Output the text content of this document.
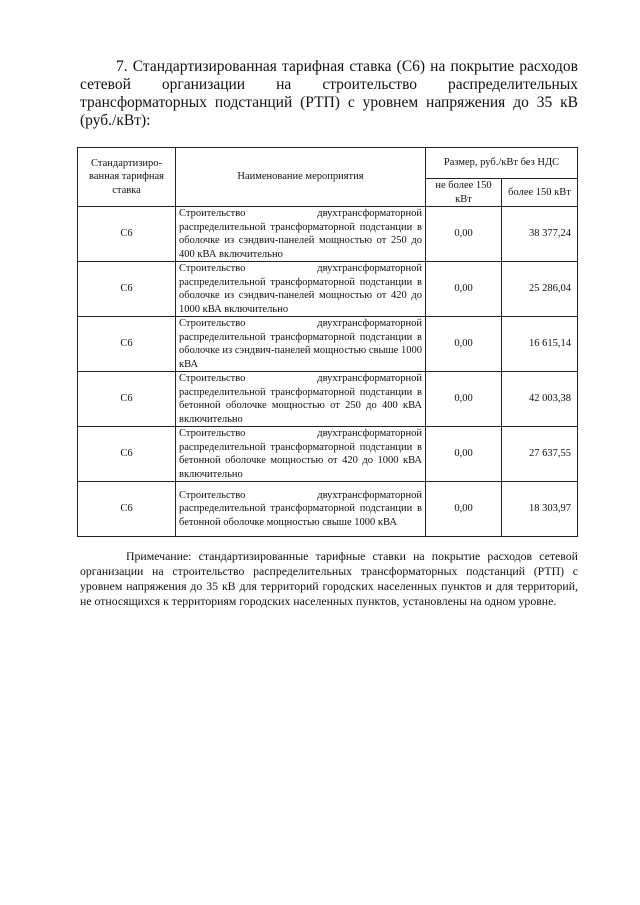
7. Стандартизированная тарифная ставка (С6) на покрытие расходов сетевой организации на строительство распределительных трансформаторных подстанций (РТП) с уровнем напряжения до 35 кВ (руб./кВт):
Стандартизиро-ванная тарифная ставка	Наименование мероприятия	Размер, руб./кВт без НДС	
		не более 150 кВт	более 150 кВт
С6	Строительство двухтрансформаторной распределительной трансформаторной подстанции в оболочке из сэндвич-панелей мощностью от 250 до 400 кВА включительно	0,00	38 377,24
С6	Строительство двухтрансформаторной распределительной трансформаторной подстанции в оболочке из сэндвич-панелей мощностью от 420 до 1000 кВА включительно	0,00	25 286,04
С6	Строительство двухтрансформаторной распределительной трансформаторной подстанции в оболочке из сэндвич-панелей мощностью свыше 1000 кВА	0,00	16 615,14
С6	Строительство двухтрансформаторной распределительной трансформаторной подстанции в бетонной оболочке мощностью от 250 до 400 кВА включительно	0,00	42 003,38
С6	Строительство двухтрансформаторной распределительной трансформаторной подстанции в бетонной оболочке мощностью от 420 до 1000 кВА включительно	0,00	27 637,55
С6	Строительство двухтрансформаторной распределительной трансформаторной подстанции в бетонной оболочке мощностью свыше 1000 кВА	0,00	18 303,97
Примечание: стандартизированные тарифные ставки на покрытие расходов сетевой организации на строительство распределительных трансформаторных подстанций (РТП) с уровнем напряжения до 35 кВ для территорий городских населенных пунктов и для территорий, не относящихся к территориям городских населенных пунктов, установлены на одном уровне.
